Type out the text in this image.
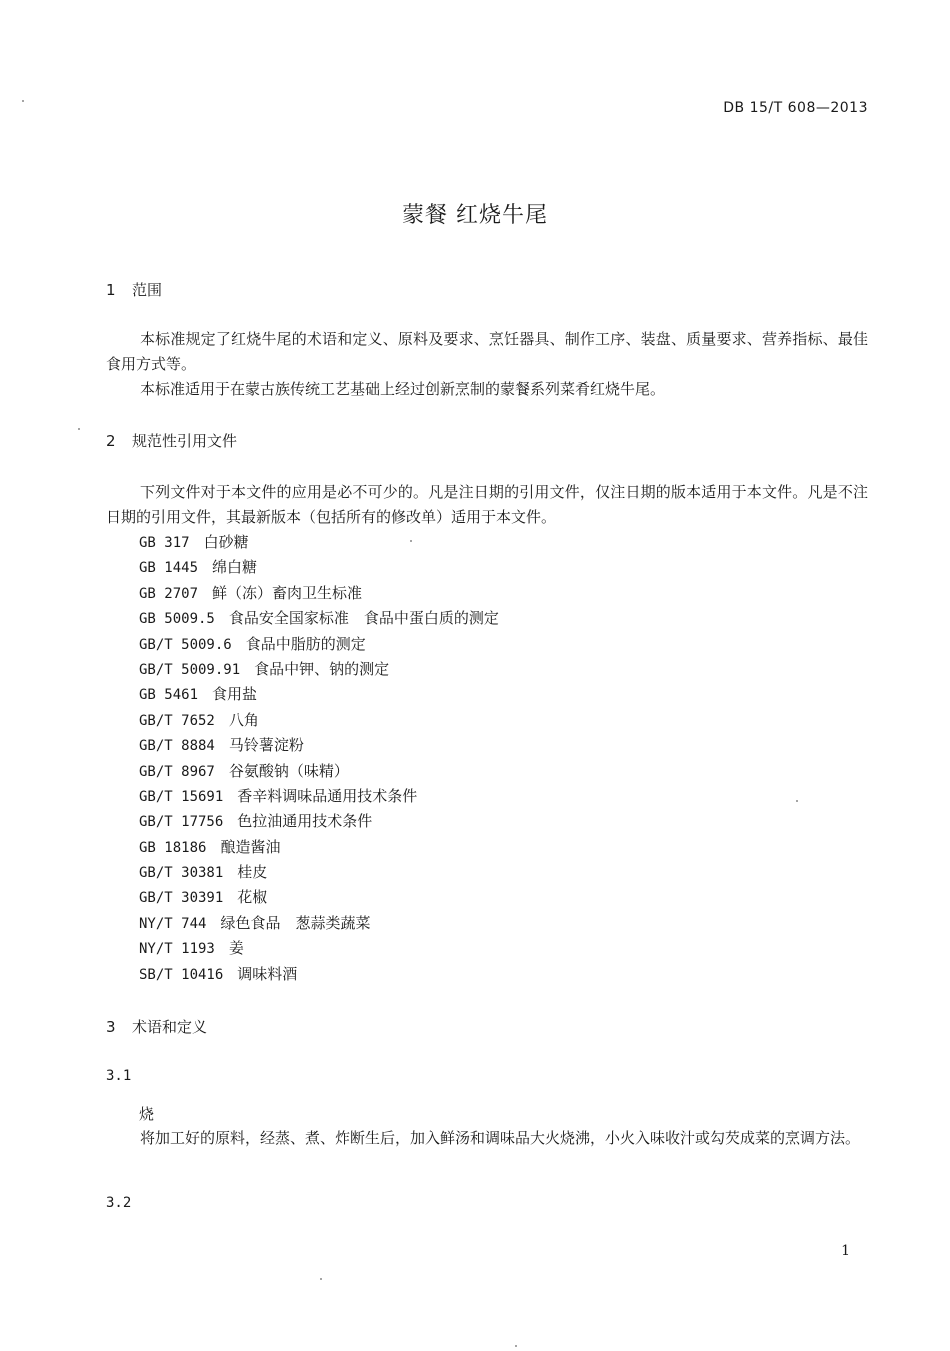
DB 15/T 608—2013
蒙餐 红烧牛尾
1 范围

本标准规定了红烧牛尾的术语和定义、原料及要求、烹饪器具、制作工序、装盘、质量要求、营养指标、最佳食用方式等。

本标准适用于在蒙古族传统工艺基础上经过创新烹制的蒙餐系列菜肴红烧牛尾。

2 规范性引用文件

下列文件对于本文件的应用是必不可少的。凡是注日期的引用文件，仅注日期的版本适用于本文件。凡是不注日期的引用文件，其最新版本（包括所有的修改单）适用于本文件。

GB 317 白砂糖
GB 1445 绵白糖
GB 2707 鲜（冻）畜肉卫生标准
GB 5009.5 食品安全国家标准　食品中蛋白质的测定
GB/T 5009.6 食品中脂肪的测定
GB/T 5009.91 食品中钾、钠的测定
GB 5461 食用盐
GB/T 7652 八角
GB/T 8884 马铃薯淀粉
GB/T 8967 谷氨酸钠（味精）
GB/T 15691 香辛料调味品通用技术条件
GB/T 17756 色拉油通用技术条件
GB 18186 酿造酱油
GB/T 30381 桂皮
GB/T 30391 花椒
NY/T 744 绿色食品　葱蒜类蔬菜
NY/T 1193 姜
SB/T 10416 调味料酒
3 术语和定义
3.1
烧

将加工好的原料，经蒸、煮、炸断生后，加入鲜汤和调味品大火烧沸，小火入味收汁或勾芡成菜的烹调方法。

3.2
1
